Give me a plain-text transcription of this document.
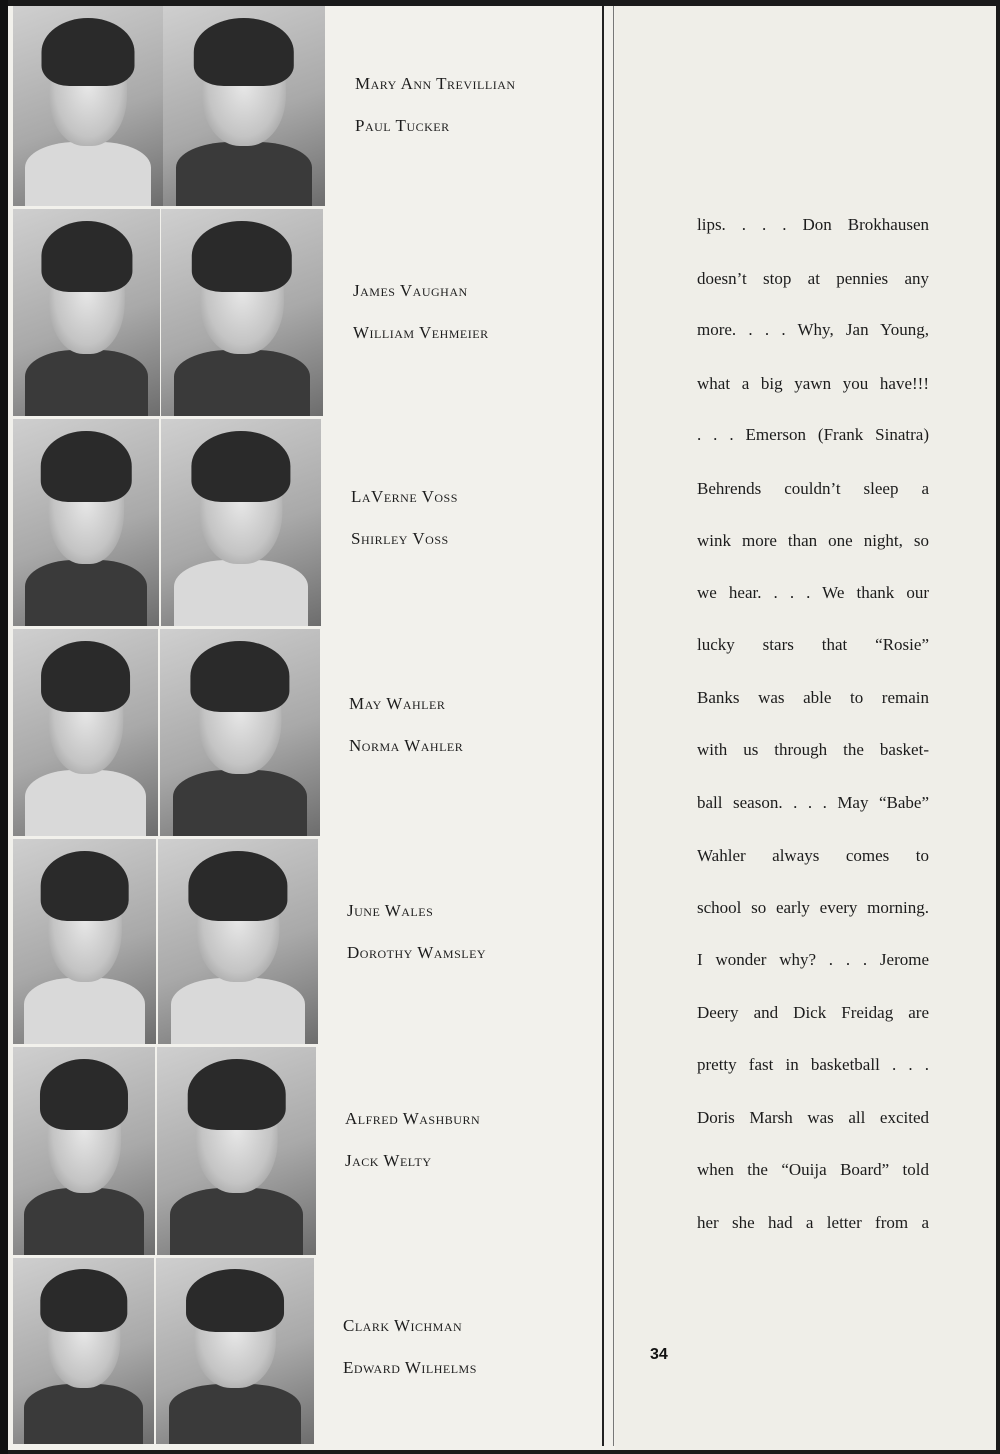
Mary Ann Trevillian
Paul Tucker
James Vaughan
William Vehmeier
LaVerne Voss
Shirley Voss
May Wahler
Norma Wahler
June Wales
Dorothy Wamsley
Alfred Washburn
Jack Welty
Clark Wichman
Edward Wilhelms
lips. . . . Don Brokhausen
doesn’t stop at pennies any
more. . . . Why, Jan Young,
what a big yawn you have!!!
. . . Emerson (Frank Sinatra)
Behrends couldn’t sleep a
wink more than one night, so
we hear. . . . We thank our
lucky stars that “Rosie”
Banks was able to remain
with us through the basket-
ball season. . . . May “Babe”
Wahler always comes to
school so early every morning.
I wonder why? . . . Jerome
Deery and Dick Freidag are
pretty fast in basketball . . .
Doris Marsh was all excited
when the “Ouija Board” told
her she had a letter from a
34
